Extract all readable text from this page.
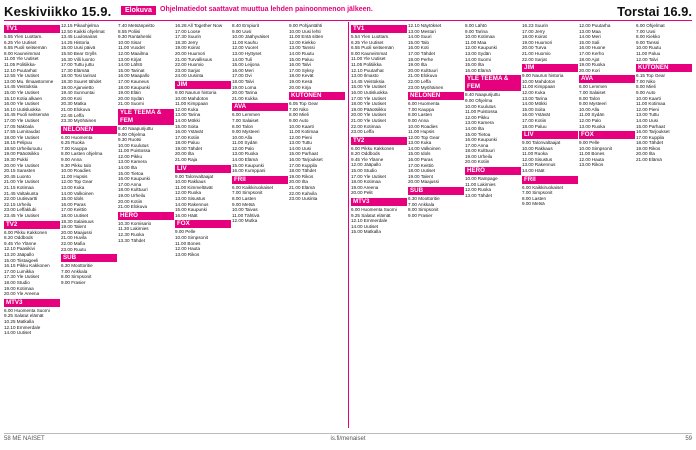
Keskiviikko 15.9.	Elokuva	Ohjelmatiedot saattavat muuttua lehden painoonmenon jälkeen.	Torstai 16.9.
TV1
5.55 Ylen Luottam.
6.25 Yle Uutiset
6.55 Puoli seitsemän
8.00 Kauneimmat
11.00 Yle Uutiset
11.05 Politiikka-
12.10 Puutarhat
12.55 Yle Uutiset
13.00 Mu. Ilmaastomme
14.45 Veistoksia
15.00 Yle Uutiset
15.10 Kotia alkaen
16.00 Yle Uutiset
16.10 Uutisluokka
16.45 Puoli seitsemän
17.00 Yle Uutiset
17.05 Näköala
17.55 Lumiraudat
18.00 Yle Uutiset
18.15 Pelipuu
18.50 Urheiluruutu
19.00 Pääotsikko
19.30 Pukki
20.00 Yle Uutiset
20.15 Sarasten
20.45 Luonto
21.00 Yle Uutiset
21.15 Kotimaa
21.45 Valtakunta
22.00 Uutisvartti
22.15 Urheilu
23.00 Leffaklubi
23.45 Yle Uutiset
TV2
6.00 Pikku Kakkonen
8.20 Oddbods
9.45 Yle Ylänne
12.10 Paasikivi
13.20 Jääpallo
15.00 Tiistaigeeli
16.15 Pikku Kakkonen
17.00 Lumikka
17.30 Yle Uutiset
18.00 Studio
19.00 Kotimaa
20.00 Yle Areena
MTV3
6.00 Huomenta Suomi
9.25 Salatut elämät
10.25 Matkalla
12.10 Emmerdale
14.00 Uutiset
12.15 Pikaohjelma
12.50 Kaikki ohjelmat
13.45 Luulosairas
14.25 Historia
15.00 Uusi päivä
15.50 Bear Grylls
16.30 Villi luonto
17.00 Tuttu juttu
17.30 Elämää
18.00 Tosi tarinat
18.30 Suuret tähdet
19.00 Ajanvietto
19.40 Sunnuntai
20.00 Koti
20.30 Matka
21.00 Elokuva
22.45 Leffa
23.30 Myöhäinen
NELONEN
6.00 Huomenta
6.25 Ruoka
7.00 Kauppa
8.00 Lasten ohjelma
9.00 Anna
9.30 Pikku talo
10.00 Roadies
11.00 Hupsis
12.00 Top Gear
13.00 Kuka
14.00 Valkoinen
15.00 Idols
16.00 Paras
17.00 Keittiö
18.00 Uutiset
18.30 Salaisuus
19.00 Talent
20.00 Maajussi
21.00 Huvila
22.00 Mafia
23.00 Ruutu
SUB
6.30 Moottoritie
7.00 Ankkala
8.00 Simpsonit
9.00 Frasier
7.40 Metsänpeitto
8.55 Poliisi
9.30 Rantahenki
10.00 Sisar
11.00 Vuodet
12.00 Maailma
13.00 Kirjat
14.00 Lähtö
15.00 Tarinat
16.00 Maapallo
17.00 Kauneus
18.00 Kaupunki
19.00 Eläin
20.00 Sydän
21.00 Suomi
YLE TEEMA & FEM
8.40 Naapurijuttu
9.00 Ohjelma
9.30 Ruotsi
10.00 Kuulutus
11.00 Puistossa
12.00 Pikku
13.00 Kamera
14.00 Ilta
15.00 Tietoa
16.00 Kaupunki
17.00 Anna
18.00 Kulttuuri
19.00 Urheilu
20.00 Kotiin
21.00 Elokuva
HERO
10.30 Komisario
11.30 Lakimies
12.30 Ruoka
13.30 Tähdet
16.28 All Together Now
17.00 Loose
17.30 Suurin
18.30 Jerry
19.00 Koirat
20.00 Huumori
21.00 Turvallisuus
22.00 Huomio
23.00 Sarjat
24.00 Uusinta
JIM
9.00 Naurun historia
10.00 Mahdoton
11.00 Kimppaan
12.00 Kuka
13.00 Tarina
14.00 Mökki
15.00 Soita
16.00 Ystävät
17.00 Kotiin
18.00 Paluu
19.00 Tähdet
20.00 Ilta
21.00 Raja
LIV
9.00 Talonvaltaajat
10.00 Rakkaus
11.00 Kimmeltävät
12.00 Ruoka
13.00 Sisustus
14.00 Rakennus
15.00 Kaupunki
16.00 Häät
FOX
9.00 Pelle
10.00 Simpsonit
11.00 Bones
12.00 Hauta
13.00 Rikos
8.40 Empiurit
9.00 Uusi
10.00 Jäähyväiset
11.00 Kauhu
12.00 Vuoret
13.00 Hyttyset
14.00 Tuli
15.00 Leijona
16.00 Meri
17.00 Ovi
18.00 Talvi
19.00 Loma
20.00 Tarina
21.00 Kukka
AVA
6.00 Lemmen
7.00 Salaiset
8.00 Talon
9.00 Mysteeri
10.00 Alla
11.00 Sydän
12.00 Palo
13.00 Ruoka
14.00 Elämä
15.00 Kaupunki
16.00 Kumppani
FRII
6.00 Kaikkiruokaiset
7.00 Simpsonit
8.00 Lasten
9.00 Metsä
10.00 Taivas
11.00 Tähtivä
12.00 Mutka
9.00 Pohjantähti
10.00 Uusi lehti
11.00 Entä sitten
12.00 Kiekko
13.00 Tanssi
14.00 Ruutu
15.00 Paluu
16.00 Talvi
17.00 Syksy
18.00 Kevät
19.00 Kesä
20.00 Kirja
KUTONEN
6.05 Top Gear
7.00 Niko
8.00 Mieli
9.00 Auto
10.00 Kaarti
11.00 Kotimaa
12.00 Pieni
13.00 Tuttu
14.00 Uusi
15.00 Parhaat
16.00 Tarjoukset
17.00 Kuppila
18.00 Tähdet
19.00 Rikos
20.00 Ilta
21.00 Elämä
22.00 Kahvila
23.00 Uusinta
TV1
5.54 Ylen Luottam.
6.25 Yle Uutiset
6.55 Puoli seitsemän
8.00 Kauneimmat
11.00 Yle Uutiset
11.05 Politiikka
12.10 Puutarhat
13.00 Ilmasto
14.45 Veistoksia
15.00 Yle Uutiset
16.00 Uutisluokka
17.00 Yle Uutiset
18.00 Yle Uutiset
19.00 Pääotsikko
20.00 Yle Uutiset
21.00 Yle Uutiset
22.00 Kotimaa
23.00 Leffa
TV2
6.00 Pikku Kakkonen
8.20 Oddbods
9.45 Yle Ylänne
12.00 Jääpallo
15.00 Studio
17.00 Yle Uutiset
18.00 Kotimaa
19.00 Areena
20.00 Pelit
MTV3
6.00 Huomenta Suomi
9.25 Salatut elämät
12.10 Emmerdale
14.00 Uutiset
15.00 Matkalla
12.10 Näytökset
13.00 Mestari
14.00 Suuri
15.00 Talo
16.00 Koti
17.00 Tähdet
18.00 Perhe
19.00 Ilta
20.00 Kulttuuri
21.00 Elokuva
22.00 Leffa
23.00 Myöhäinen
NELONEN
6.00 Huomenta
7.00 Kauppa
8.00 Lasten
9.00 Anna
10.00 Roadies
11.00 Hupsis
12.00 Top Gear
13.00 Kuka
14.00 Valkoinen
15.00 Idols
16.00 Paras
17.00 Keittiö
18.00 Uutiset
19.00 Talent
20.00 Maajussi
SUB
6.30 Moottoritie
7.00 Ankkala
8.00 Simpsonit
9.00 Frasier
8.00 Lähtö
9.00 Tarina
10.00 Kotimaa
11.00 Maa
12.00 Kaupunki
13.00 Sydän
14.00 Suomi
15.00 Ilta
16.00 Elämä
YLE TEEMA & FEM
8.40 Naapurijuttu
9.00 Ohjelma
10.00 Kuulutus
11.00 Puistossa
12.00 Pikku
13.00 Kamera
14.00 Ilta
15.00 Tietoa
16.00 Kaupunki
17.00 Anna
18.00 Kulttuuri
19.00 Urheilu
20.00 Kotiin
HERO
10.00 Rampage
11.00 Lakimies
12.00 Ruoka
13.00 Tähdet
16.23 Suurin
17.00 Jerry
18.00 Koirat
19.00 Huumori
20.00 Turva
21.00 Huomio
22.00 Sarjat
JIM
9.00 Naurun historia
10.00 Mahdoton
11.00 Kimppaan
12.00 Kuka
13.00 Tarina
14.00 Mökki
15.00 Soita
16.00 Ystävät
17.00 Kotiin
18.00 Paluu
LIV
9.00 Talonvaltaajat
10.00 Rakkaus
11.00 Ruoka
12.00 Sisustus
13.00 Rakennus
14.00 Häät
FRII
6.00 Kaikkiruokaiset
7.00 Simpsonit
8.00 Lasten
9.00 Metsä
12.00 Puutarha
13.00 Maa
14.00 Meri
15.00 Sali
16.00 Huone
17.00 Kerho
18.00 Ajot
19.00 Ruoka
20.00 Kori
AVA
6.00 Lemmen
7.00 Salaiset
8.00 Talon
9.00 Mysteeri
10.00 Alla
11.00 Sydän
12.00 Palo
13.00 Ruoka
FOX
9.00 Pelle
10.00 Simpsonit
11.00 Bones
12.00 Hauta
13.00 Rikos
6.00 Ohjelmat
7.00 Uusi
8.00 Kiekko
9.00 Tanssi
10.00 Ruutu
11.00 Paluu
12.00 Talvi
KUTONEN
6.15 Top Gear
7.00 Niko
8.00 Mieli
9.00 Auto
10.00 Kaarti
11.00 Kotimaa
12.00 Pieni
13.00 Tuttu
14.00 Uusi
15.00 Parhaat
16.00 Tarjoukset
17.00 Kuppila
18.00 Tähdet
19.00 Rikos
20.00 Ilta
21.00 Elämä
58 ME NAISET	is.fi/menaiset	59
